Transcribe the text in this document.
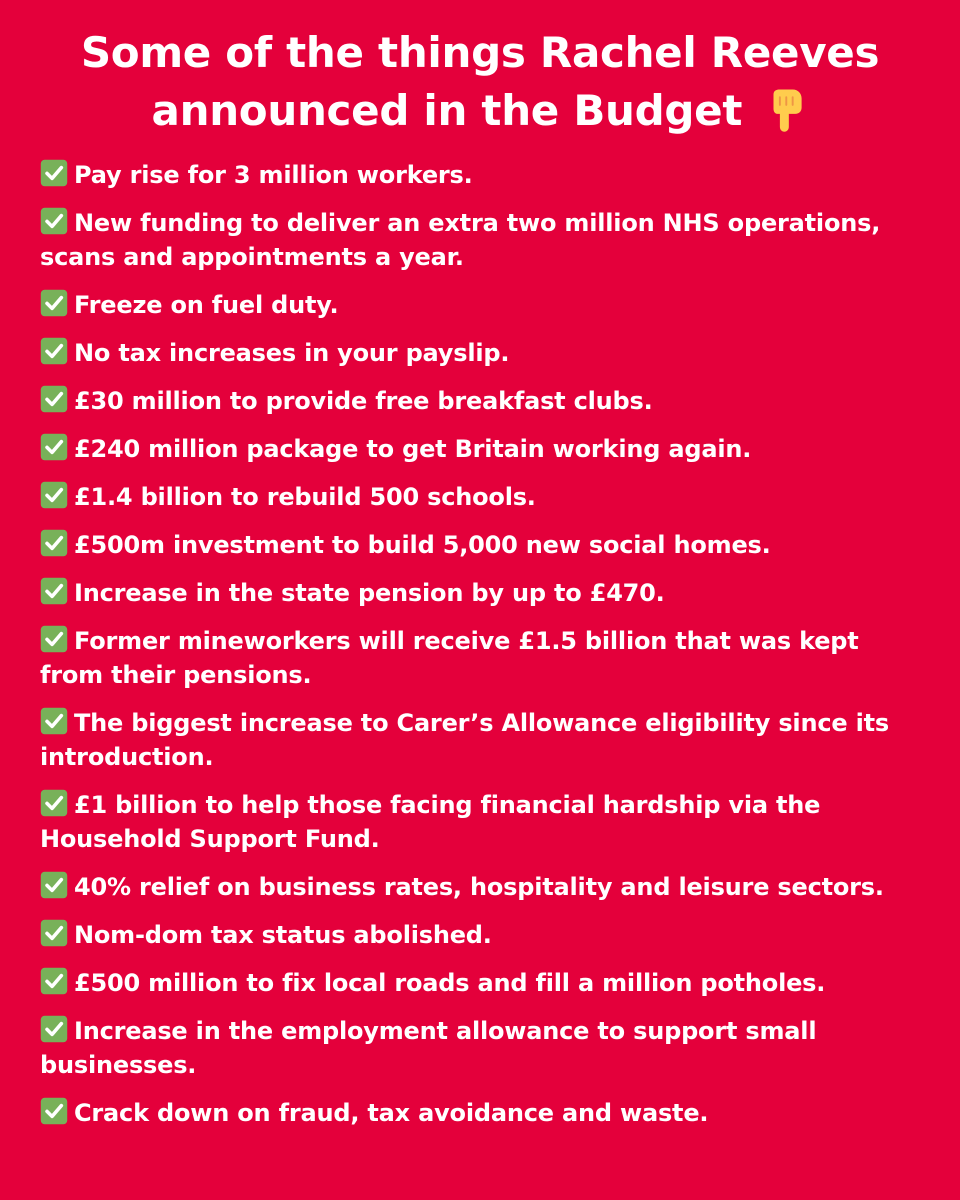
Some of the things Rachel Reeves
announced in the Budget
Pay rise for 3 million workers.
New funding to deliver an extra two million NHS operations, scans and appointments a year.
Freeze on fuel duty.
No tax increases in your payslip.
£30 million to provide free breakfast clubs.
£240 million package to get Britain working again.
£1.4 billion to rebuild 500 schools.
£500m investment to build 5,000 new social homes.
Increase in the state pension by up to £470.
Former mineworkers will receive £1.5 billion that was kept from their pensions.
The biggest increase to Carer’s Allowance eligibility since its introduction.
£1 billion to help those facing financial hardship via the Household Support Fund.
40% relief on business rates, hospitality and leisure sectors.
Nom-dom tax status abolished.
£500 million to fix local roads and fill a million potholes.
Increase in the employment allowance to support small businesses.
Crack down on fraud, tax avoidance and waste.
